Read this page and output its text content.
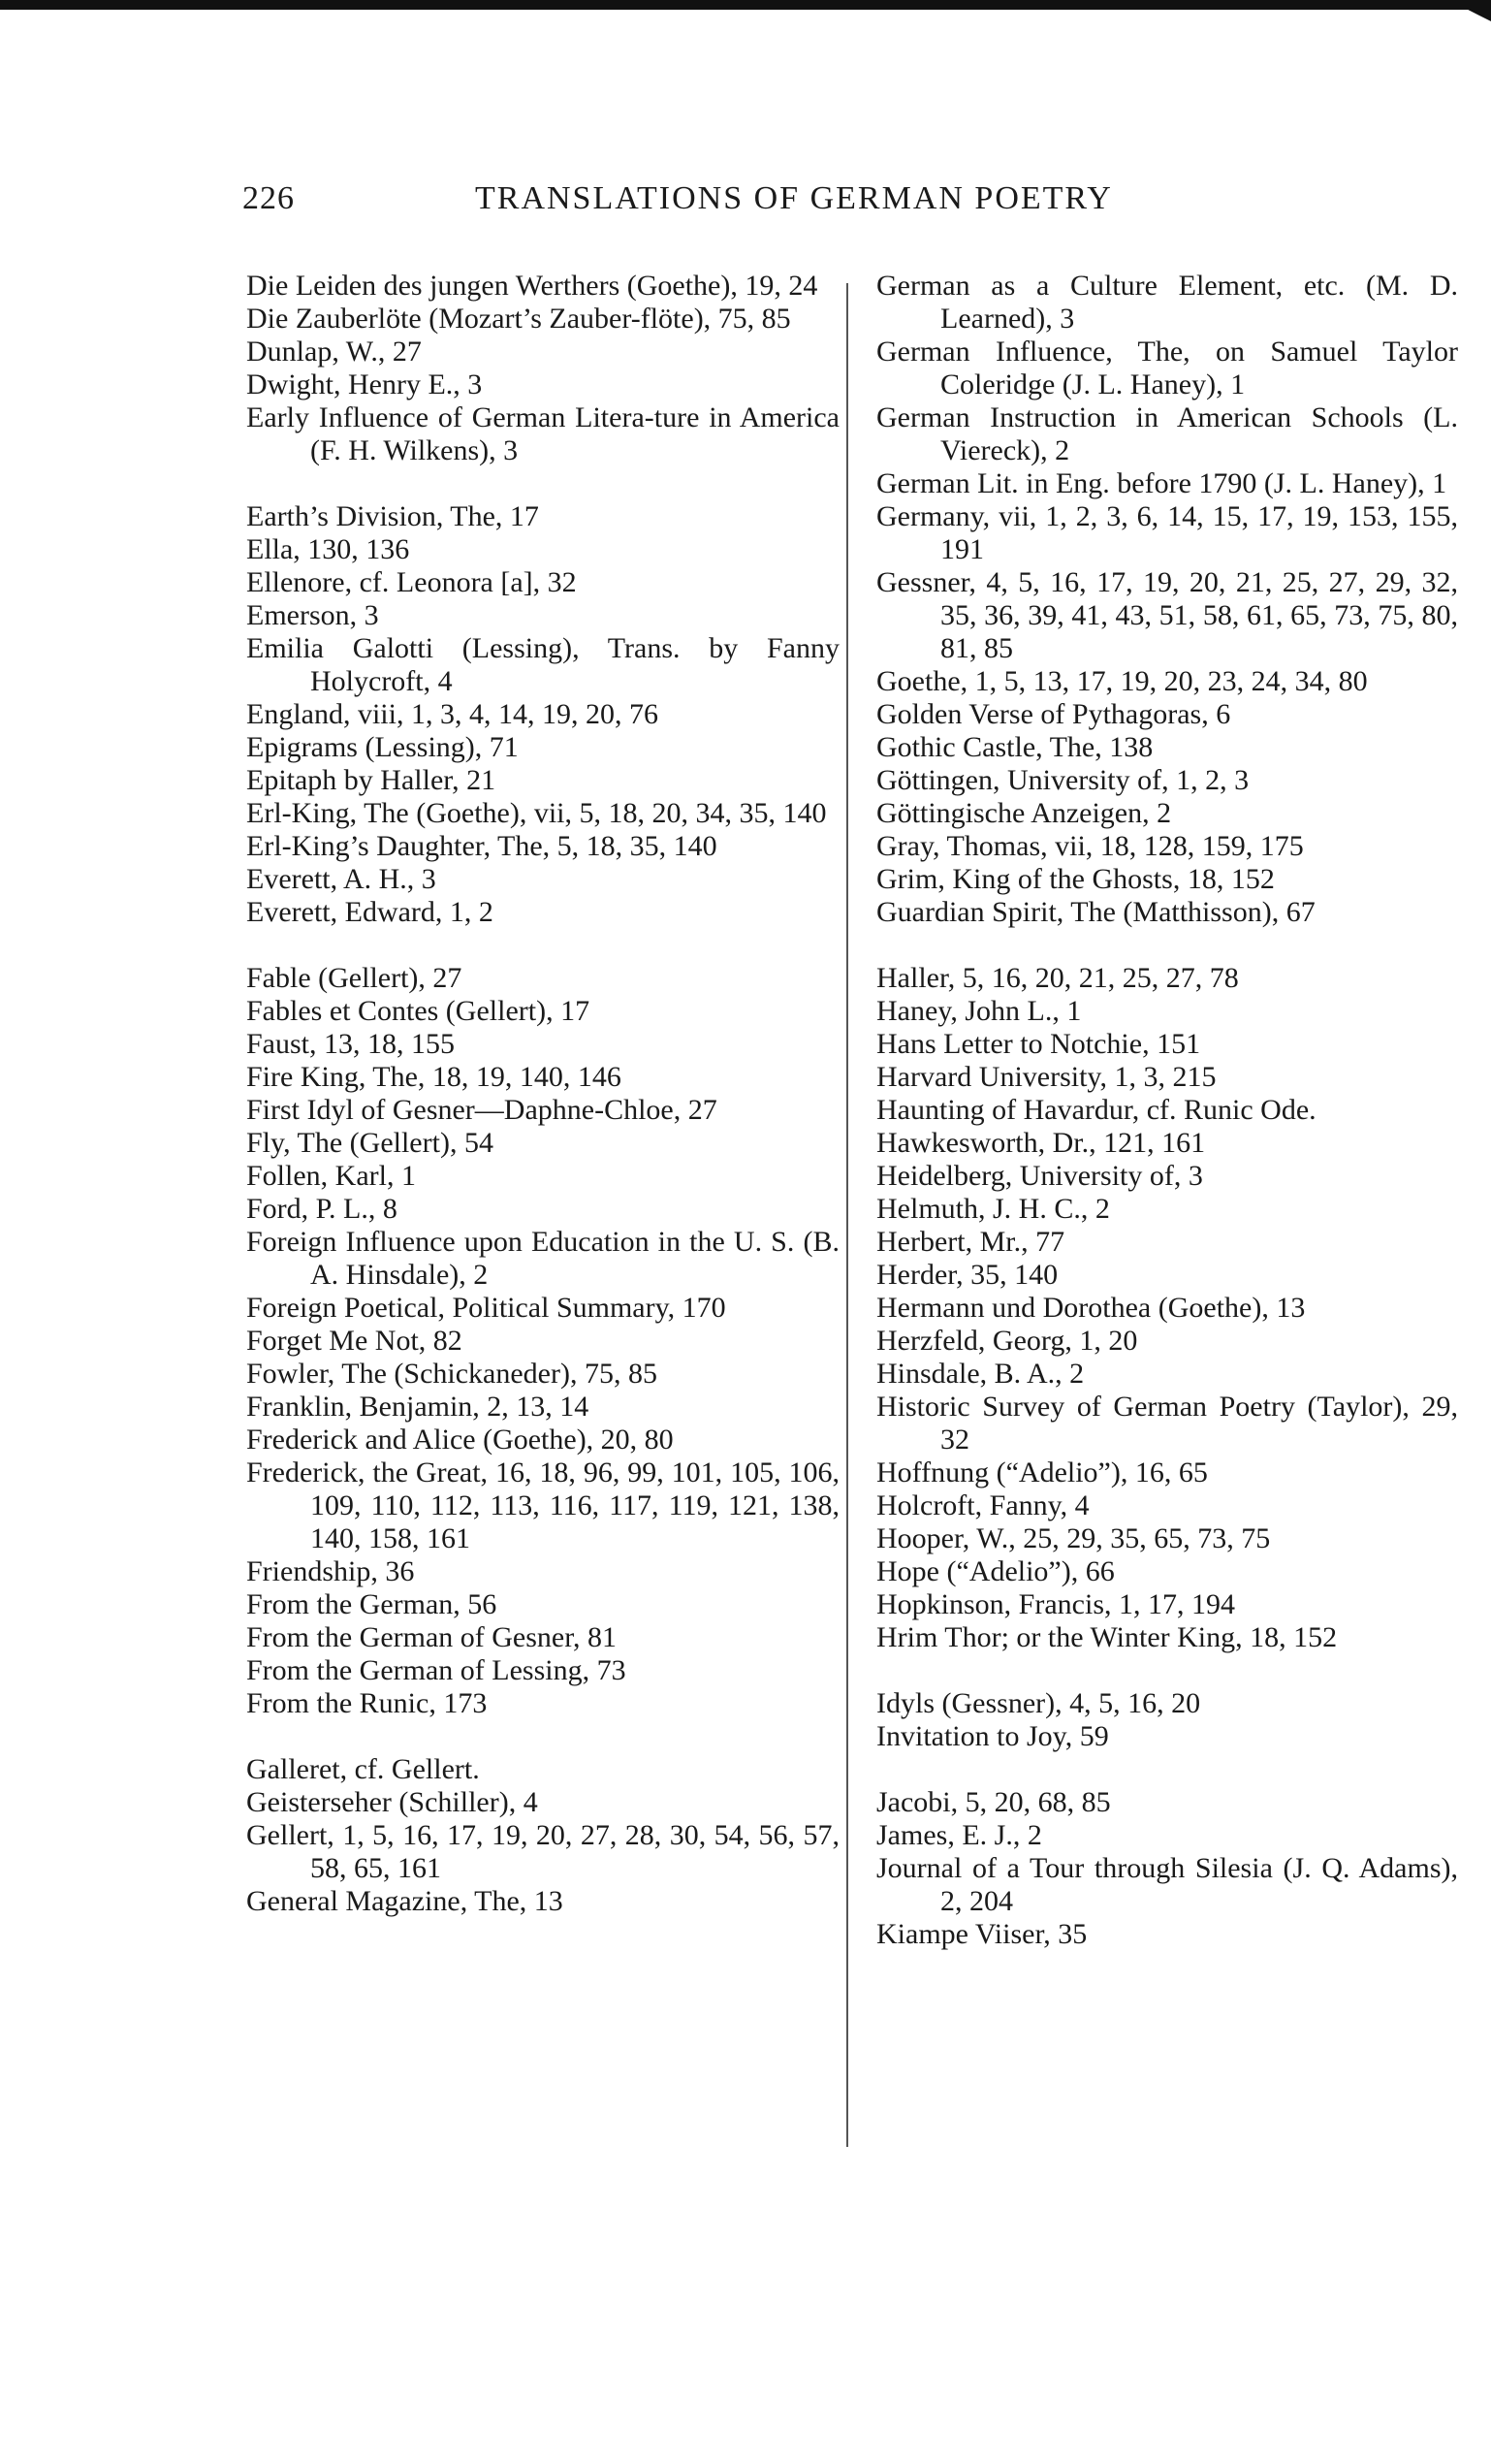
226	TRANSLATIONS OF GERMAN POETRY
Die Leiden des jungen Werthers (Goethe), 19, 24
Die Zauberlöte (Mozart’s Zauber-flöte), 75, 85
Dunlap, W., 27
Dwight, Henry E., 3
Early Influence of German Litera-ture in America (F. H. Wilkens), 3
Earth’s Division, The, 17
Ella, 130, 136
Ellenore, cf. Leonora [a], 32
Emerson, 3
Emilia Galotti (Lessing), Trans. by Fanny Holycroft, 4
England, viii, 1, 3, 4, 14, 19, 20, 76
Epigrams (Lessing), 71
Epitaph by Haller, 21
Erl-King, The (Goethe), vii, 5, 18, 20, 34, 35, 140
Erl-King’s Daughter, The, 5, 18, 35, 140
Everett, A. H., 3
Everett, Edward, 1, 2
Fable (Gellert), 27
Fables et Contes (Gellert), 17
Faust, 13, 18, 155
Fire King, The, 18, 19, 140, 146
First Idyl of Gesner—Daphne-Chloe, 27
Fly, The (Gellert), 54
Follen, Karl, 1
Ford, P. L., 8
Foreign Influence upon Education in the U. S. (B. A. Hinsdale), 2
Foreign Poetical, Political Summary, 170
Forget Me Not, 82
Fowler, The (Schickaneder), 75, 85
Franklin, Benjamin, 2, 13, 14
Frederick and Alice (Goethe), 20, 80
Frederick, the Great, 16, 18, 96, 99, 101, 105, 106, 109, 110, 112, 113, 116, 117, 119, 121, 138, 140, 158, 161
Friendship, 36
From the German, 56
From the German of Gesner, 81
From the German of Lessing, 73
From the Runic, 173
Galleret, cf. Gellert.
Geisterseher (Schiller), 4
Gellert, 1, 5, 16, 17, 19, 20, 27, 28, 30, 54, 56, 57, 58, 65, 161
General Magazine, The, 13
German as a Culture Element, etc. (M. D. Learned), 3
German Influence, The, on Samuel Taylor Coleridge (J. L. Haney), 1
German Instruction in American Schools (L. Viereck), 2
German Lit. in Eng. before 1790 (J. L. Haney), 1
Germany, vii, 1, 2, 3, 6, 14, 15, 17, 19, 153, 155, 191
Gessner, 4, 5, 16, 17, 19, 20, 21, 25, 27, 29, 32, 35, 36, 39, 41, 43, 51, 58, 61, 65, 73, 75, 80, 81, 85
Goethe, 1, 5, 13, 17, 19, 20, 23, 24, 34, 80
Golden Verse of Pythagoras, 6
Gothic Castle, The, 138
Göttingen, University of, 1, 2, 3
Göttingische Anzeigen, 2
Gray, Thomas, vii, 18, 128, 159, 175
Grim, King of the Ghosts, 18, 152
Guardian Spirit, The (Matthisson), 67
Haller, 5, 16, 20, 21, 25, 27, 78
Haney, John L., 1
Hans Letter to Notchie, 151
Harvard University, 1, 3, 215
Haunting of Havardur, cf. Runic Ode.
Hawkesworth, Dr., 121, 161
Heidelberg, University of, 3
Helmuth, J. H. C., 2
Herbert, Mr., 77
Herder, 35, 140
Hermann und Dorothea (Goethe), 13
Herzfeld, Georg, 1, 20
Hinsdale, B. A., 2
Historic Survey of German Poetry (Taylor), 29, 32
Hoffnung (“Adelio”), 16, 65
Holcroft, Fanny, 4
Hooper, W., 25, 29, 35, 65, 73, 75
Hope (“Adelio”), 66
Hopkinson, Francis, 1, 17, 194
Hrim Thor; or the Winter King, 18, 152
Idyls (Gessner), 4, 5, 16, 20
Invitation to Joy, 59
Jacobi, 5, 20, 68, 85
James, E. J., 2
Journal of a Tour through Silesia (J. Q. Adams), 2, 204
Kiampe Viiser, 35
